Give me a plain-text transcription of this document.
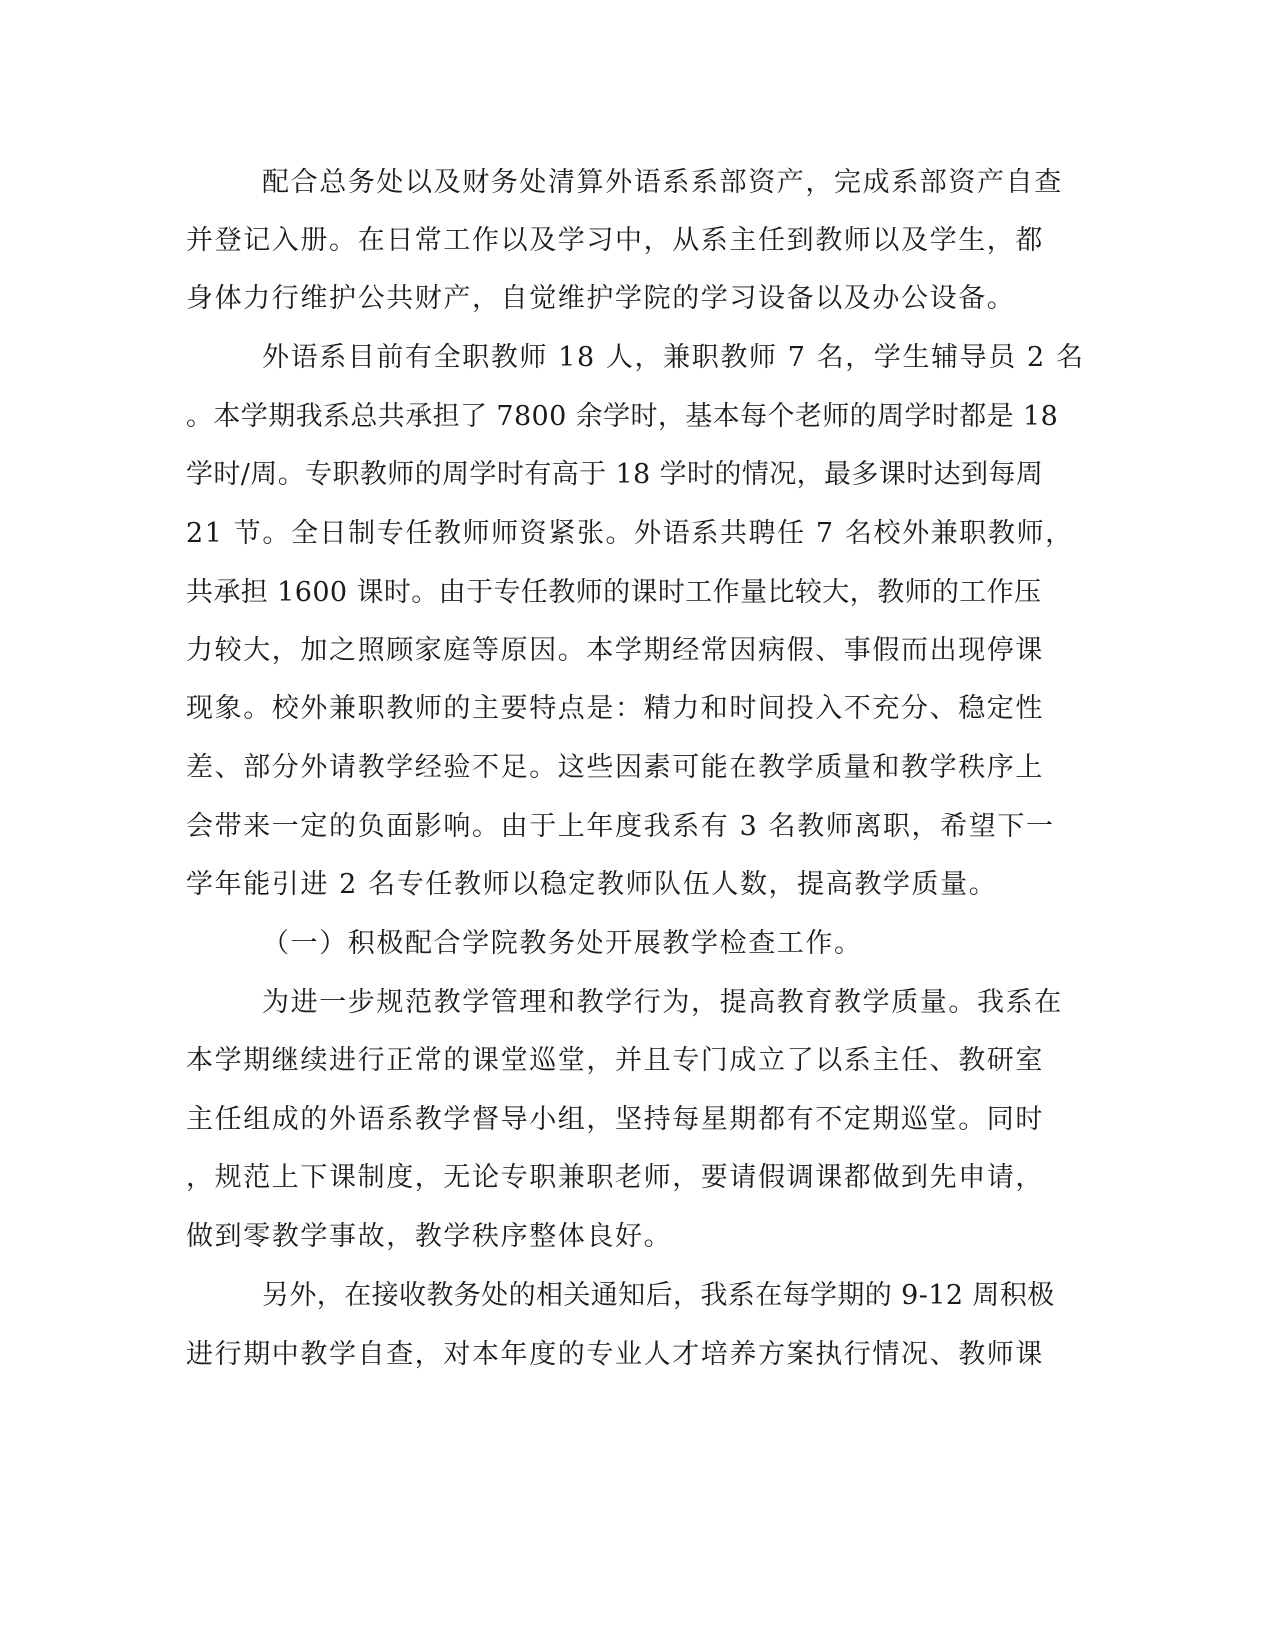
配合总务处以及财务处清算外语系系部资产，完成系部资产自查
并登记入册。在日常工作以及学习中，从系主任到教师以及学生，都
身体力行维护公共财产，自觉维护学院的学习设备以及办公设备。
外语系目前有全职教师 18 人，兼职教师 7 名，学生辅导员 2 名
。本学期我系总共承担了 7800 余学时，基本每个老师的周学时都是 18
学时/周。专职教师的周学时有高于 18 学时的情况，最多课时达到每周
21 节。全日制专任教师师资紧张。外语系共聘任 7 名校外兼职教师，
共承担 1600 课时。由于专任教师的课时工作量比较大，教师的工作压
力较大，加之照顾家庭等原因。本学期经常因病假、事假而出现停课
现象。校外兼职教师的主要特点是：精力和时间投入不充分、稳定性
差、部分外请教学经验不足。这些因素可能在教学质量和教学秩序上
会带来一定的负面影响。由于上年度我系有 3 名教师离职，希望下一
学年能引进 2 名专任教师以稳定教师队伍人数，提高教学质量。
（一）积极配合学院教务处开展教学检查工作。
为进一步规范教学管理和教学行为，提高教育教学质量。我系在
本学期继续进行正常的课堂巡堂，并且专门成立了以系主任、教研室
主任组成的外语系教学督导小组，坚持每星期都有不定期巡堂。同时
，规范上下课制度，无论专职兼职老师，要请假调课都做到先申请，
做到零教学事故，教学秩序整体良好。
另外，在接收教务处的相关通知后，我系在每学期的 9-12 周积极
进行期中教学自查，对本年度的专业人才培养方案执行情况、教师课
